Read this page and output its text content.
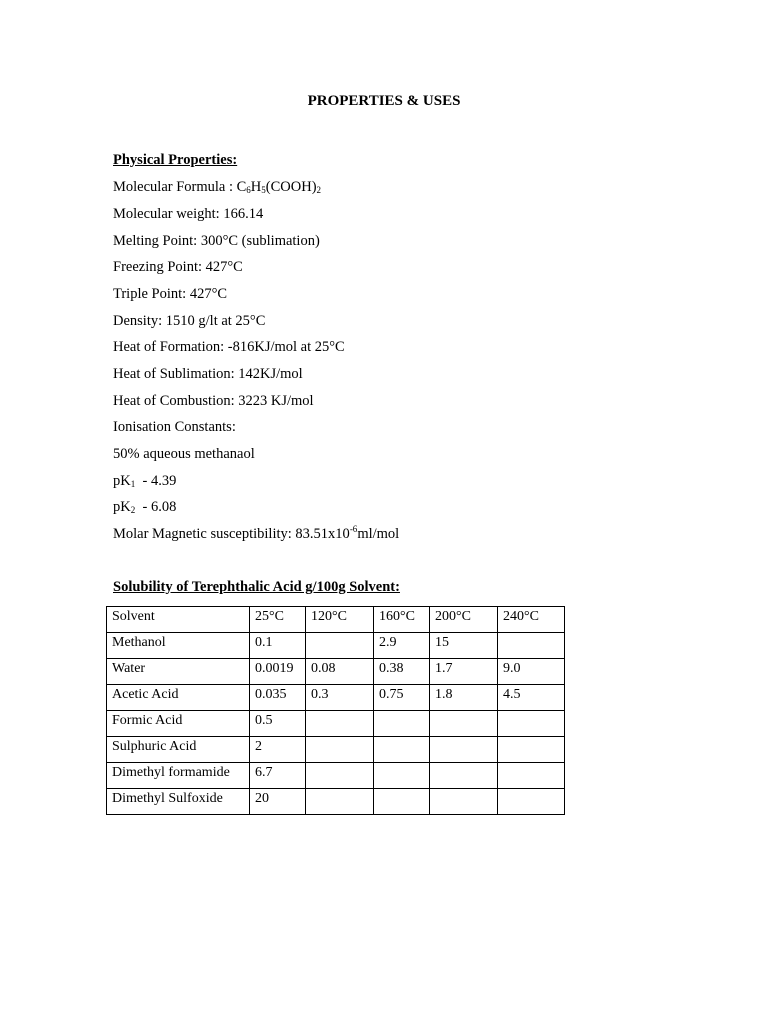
PROPERTIES & USES

Physical Properties:

Molecular Formula : $C_6H_5(COOH)_2$

Molecular weight: 166.14

Melting Point: 300°C (sublimation)

Freezing Point: 427°C

Triple Point: 427°C

Density: 1510 g/lt at 25°C

Heat of Formation: -816KJ/mol at 25°C

Heat of Sublimation: 142KJ/mol

Heat of Combustion: 3223 KJ/mol

Ionisation Constants:

50% aqueous methanaol

$pK_1 - 4.39$

$pK_2 - 6.08$

Molar Magnetic susceptibility: $83.51x10^{-6}ml$/mol

Solubility of Terephthalic Acid g/100g Solvent:

Solvent	25°C	120°C	160°C	200°C	240°C
Methanol	0.1		2.9	15	
Water	0.0019	0.08	0.38	1.7	9.0
Acetic Acid	0.035	0.3	0.75	1.8	4.5
Formic Acid	0.5				
Sulphuric Acid	2				
Dimethyl formamide	6.7				
Dimethyl Sulfoxide	20				
